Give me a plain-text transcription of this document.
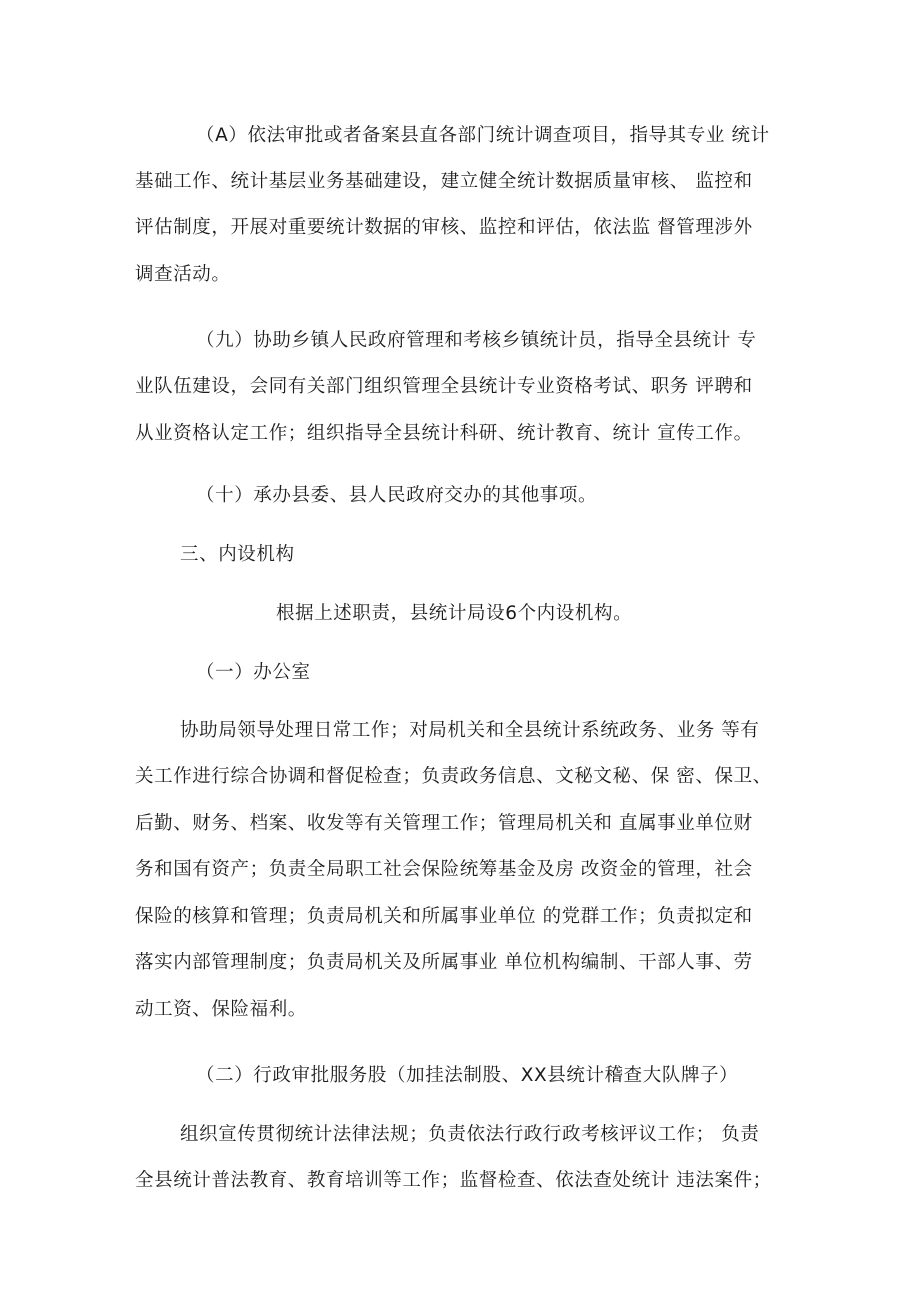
（A）依法审批或者备案县直各部门统计调查项目，指导其专业 统计
基础工作、统计基层业务基础建设，建立健全统计数据质量审核、 监控和
评估制度，开展对重要统计数据的审核、监控和评估，依法监 督管理涉外
调查活动。
（九）协助乡镇人民政府管理和考核乡镇统计员，指导全县统计 专
业队伍建设，会同有关部门组织管理全县统计专业资格考试、职务 评聘和
从业资格认定工作；组织指导全县统计科研、统计教育、统计 宣传工作。
（十）承办县委、县人民政府交办的其他事项。
三、内设机构
根据上述职责，县统计局设6个内设机构。
（一）办公室
协助局领导处理日常工作；对局机关和全县统计系统政务、业务 等有
关工作进行综合协调和督促检查；负责政务信息、文秘文秘、保 密、保卫、
后勤、财务、档案、收发等有关管理工作；管理局机关和 直属事业单位财
务和国有资产；负责全局职工社会保险统筹基金及房 改资金的管理，社会
保险的核算和管理；负责局机关和所属事业单位 的党群工作；负责拟定和
落实内部管理制度；负责局机关及所属事业 单位机构编制、干部人事、劳
动工资、保险福利。
（二）行政审批服务股（加挂法制股、XX县统计稽查大队牌子）
组织宣传贯彻统计法律法规；负责依法行政行政考核评议工作； 负责
全县统计普法教育、教育培训等工作；监督检查、依法查处统计 违法案件；
